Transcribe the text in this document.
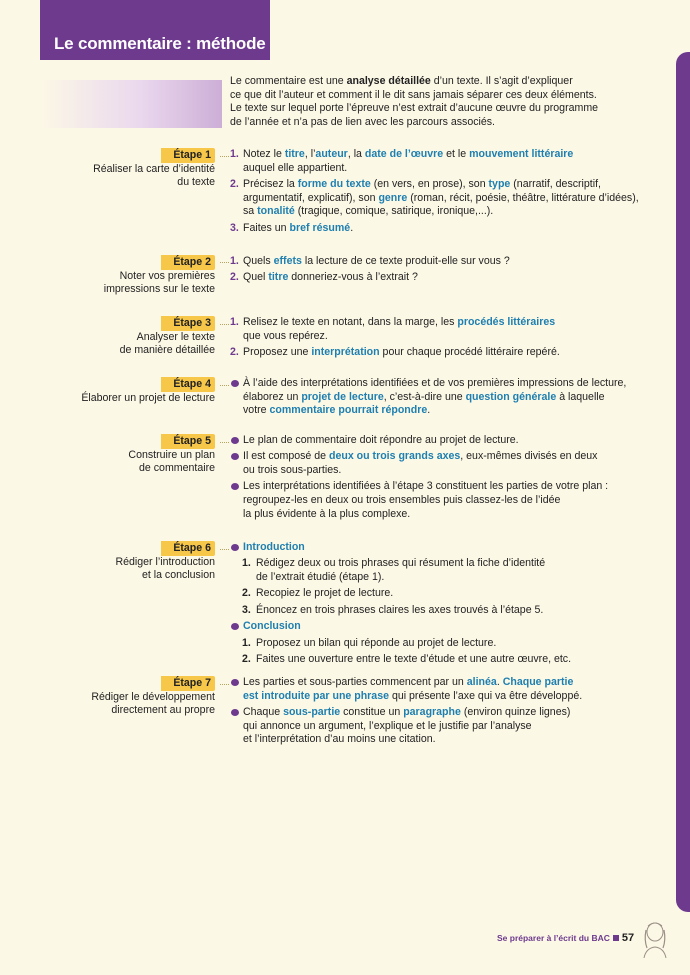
Le commentaire : méthode

Le commentaire est une analyse détaillée d’un texte. Il s’agit d’expliquer

ce que dit l’auteur et comment il le dit sans jamais séparer ces deux éléments.

Le texte sur lequel porte l’épreuve n’est extrait d’aucune œuvre du programme

de l’année et n’a pas de lien avec les parcours associés.

Étape 1
Réaliser la carte d’identité
du texte
Étape 2
Noter vos premières
impressions sur le texte
Étape 3
Analyser le texte
de manière détaillée
Étape 4
Élaborer un projet de lecture
Étape 5
Construire un plan
de commentaire
Étape 6
Rédiger l’introduction
et la conclusion
Étape 7
Rédiger le développement
directement au propre
1. Notez le titre, l’auteur, la date de l’œuvre et le mouvement littéraire
auquel elle appartient.
2. Précisez la forme du texte (en vers, en prose), son type (narratif, descriptif,
argumentatif, explicatif), son genre (roman, récit, poésie, théâtre, littérature d’idées),
sa tonalité (tragique, comique, satirique, ironique,...).
3. Faites un bref résumé.
1. Quels effets la lecture de ce texte produit-elle sur vous ?
2. Quel titre donneriez-vous à l’extrait ?
1. Relisez le texte en notant, dans la marge, les procédés littéraires
que vous repérez.
2. Proposez une interprétation pour chaque procédé littéraire repéré.
À l’aide des interprétations identifiées et de vos premières impressions de lecture,
élaborez un projet de lecture, c’est-à-dire une question générale à laquelle
votre commentaire pourrait répondre.
Le plan de commentaire doit répondre au projet de lecture.
Il est composé de deux ou trois grands axes, eux-mêmes divisés en deux
ou trois sous-parties.
Les interprétations identifiées à l’étape 3 constituent les parties de votre plan :
regroupez-les en deux ou trois ensembles puis classez-les de l’idée
la plus évidente à la plus complexe.
Introduction
1. Rédigez deux ou trois phrases qui résument la fiche d’identité
de l’extrait étudié (étape 1).
2. Recopiez le projet de lecture.
3. Énoncez en trois phrases claires les axes trouvés à l’étape 5.
Conclusion
1. Proposez un bilan qui réponde au projet de lecture.
2. Faites une ouverture entre le texte d’étude et une autre œuvre, etc.
Les parties et sous-parties commencent par un alinéa. Chaque partie
est introduite par une phrase qui présente l’axe qui va être développé.
Chaque sous-partie constitue un paragraphe (environ quinze lignes)
qui annonce un argument, l’explique et le justifie par l’analyse
et l’interprétation d’au moins une citation.
Se préparer à l’écrit du BAC 57
